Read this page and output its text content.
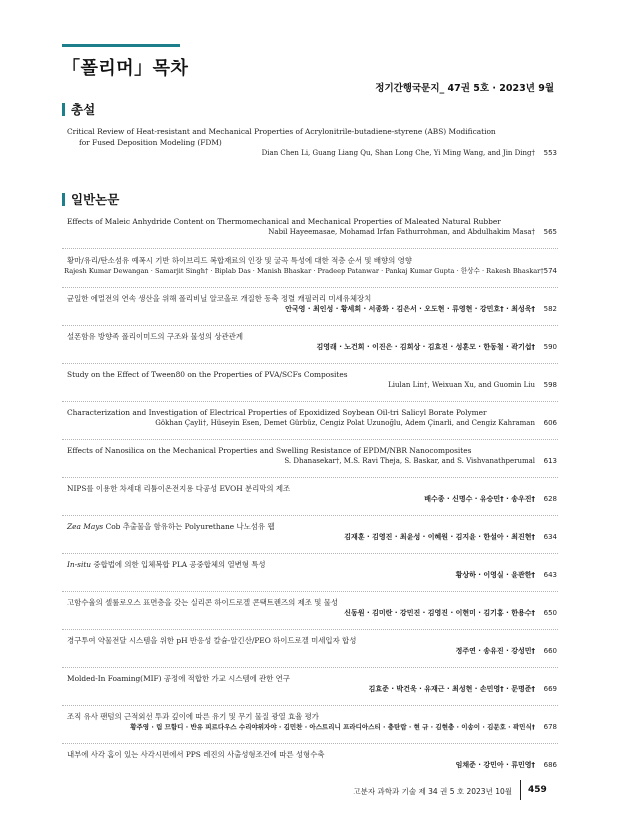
「폴리머」목차
정기간행국문지_ 47권 5호 · 2023년 9월
총설
Critical Review of Heat-resistant and Mechanical Properties of Acrylonitrile-butadiene-styrene (ABS) Modification
for Fused Deposition Modeling (FDM)
Dian Chen Li, Guang Liang Qu, Shan Long Che, Yi Ming Wang, and Jin Ding†	553
일반논문
Effects of Maleic Anhydride Content on Thermomechanical and Mechanical Properties of Maleated Natural Rubber
Nabil Hayeemasae, Mohamad Irfan Fathurrohman, and Abdulhakim Masa†	565
황마/유리/탄소섬유 예폭시 기반 하이브리드 복합재료의 인장 및 굴곡 특성에 대한 적층 순서 및 배향의 영향
Rajesh Kumar Dewangan · Samarjit Singh† · Biplab Das · Manish Bhaskar · Pradeep Patanwar · Pankaj Kumar Gupta · 한상수 · Rakesh Bhaskar† 574
균일한 에멀전의 연속 생산을 위해 폴리비닐 알코올로 개질한 동축 정렬 캐필러리 미세유체장치
안국영 · 최인성 · 황세희 · 서종화 · 김은서 · 오도현 · 류영현 · 강민호† · 최성욱†	582
설폰함유 방향족 폴리이미드의 구조와 물성의 상관관계
김영래 · 노건희 · 이진은 · 김희상 · 김효진 · 성훈모 · 한동철 · 곽기섭†	590
Study on the Effect of Tween80 on the Properties of PVA/SCFs Composites
Liulan Lin†, Weixuan Xu, and Guomin Liu	598
Characterization and Investigation of Electrical Properties of Epoxidized Soybean Oil-tri Salicyl Borate Polymer
Gökhan Çayli†, Hüseyin Esen, Demet Gürbüz, Cengiz Polat Uzunoğlu, Adem Çinarli, and Cengiz Kahraman	606
Effects of Nanosilica on the Mechanical Properties and Swelling Resistance of EPDM/NBR Nanocomposites
S. Dhanasekar†, M.S. Ravi Theja, S. Baskar, and S. Vishvanathperumal	613
NIPS를 이용한 차세대 리튬이온전지용 다공성 EVOH 분리막의 제조
배수종 · 신명수 · 유승민† · 송우진†	628
Zea Mays Cob 추출물을 함유하는 Polyurethane 나노섬유 웹
김재훈 · 김영진 · 최윤성 · 이혜원 · 김지윤 · 한설아 · 최진현†	634
In-situ 중합법에 의한 입체복합 PLA 공중합체의 열변형 특성
황상하 · 이영실 · 윤관한†	643
고함수율의 셀룰로오스 표면층을 갖는 실리콘 하이드로겔 콘택트렌즈의 제조 및 물성
신동원 · 김미란 · 강민진 · 김영진 · 이현미 · 김기홍 · 한용수†	650
경구투여 약물전달 시스템을 위한 pH 반응성 칼슘-알긴산/PEO 하이드로겔 미세입자 합성
정주연 · 송유진 · 강성민†	660
Molded-In Foaming(MIF) 공정에 적합한 가교 시스템에 관한 연구
김효준 · 박건욱 · 유재근 · 최성현 · 손민영† · 문명준†	669
조직 유사 팬텀의 근적외선 투과 깊이에 따른 유기 및 무기 물질 광열 효율 평가
황주영 · 림 므함디 · 반유 피르다우스 수리야위자야 · 김민찬 · 아스트리니 프라디아스티 · 충탄람 · 현 규 · 김현충 · 이송이 · 김문호 · 곽민식†	678
내부에 사각 홈이 있는 사각시편에서 PPS 레진의 사출성형조건에 따른 성형수축
임채준 · 강민아 · 류민영†	686
고분자 과학과 기술 제 34 권 5 호 2023년 10월 459
